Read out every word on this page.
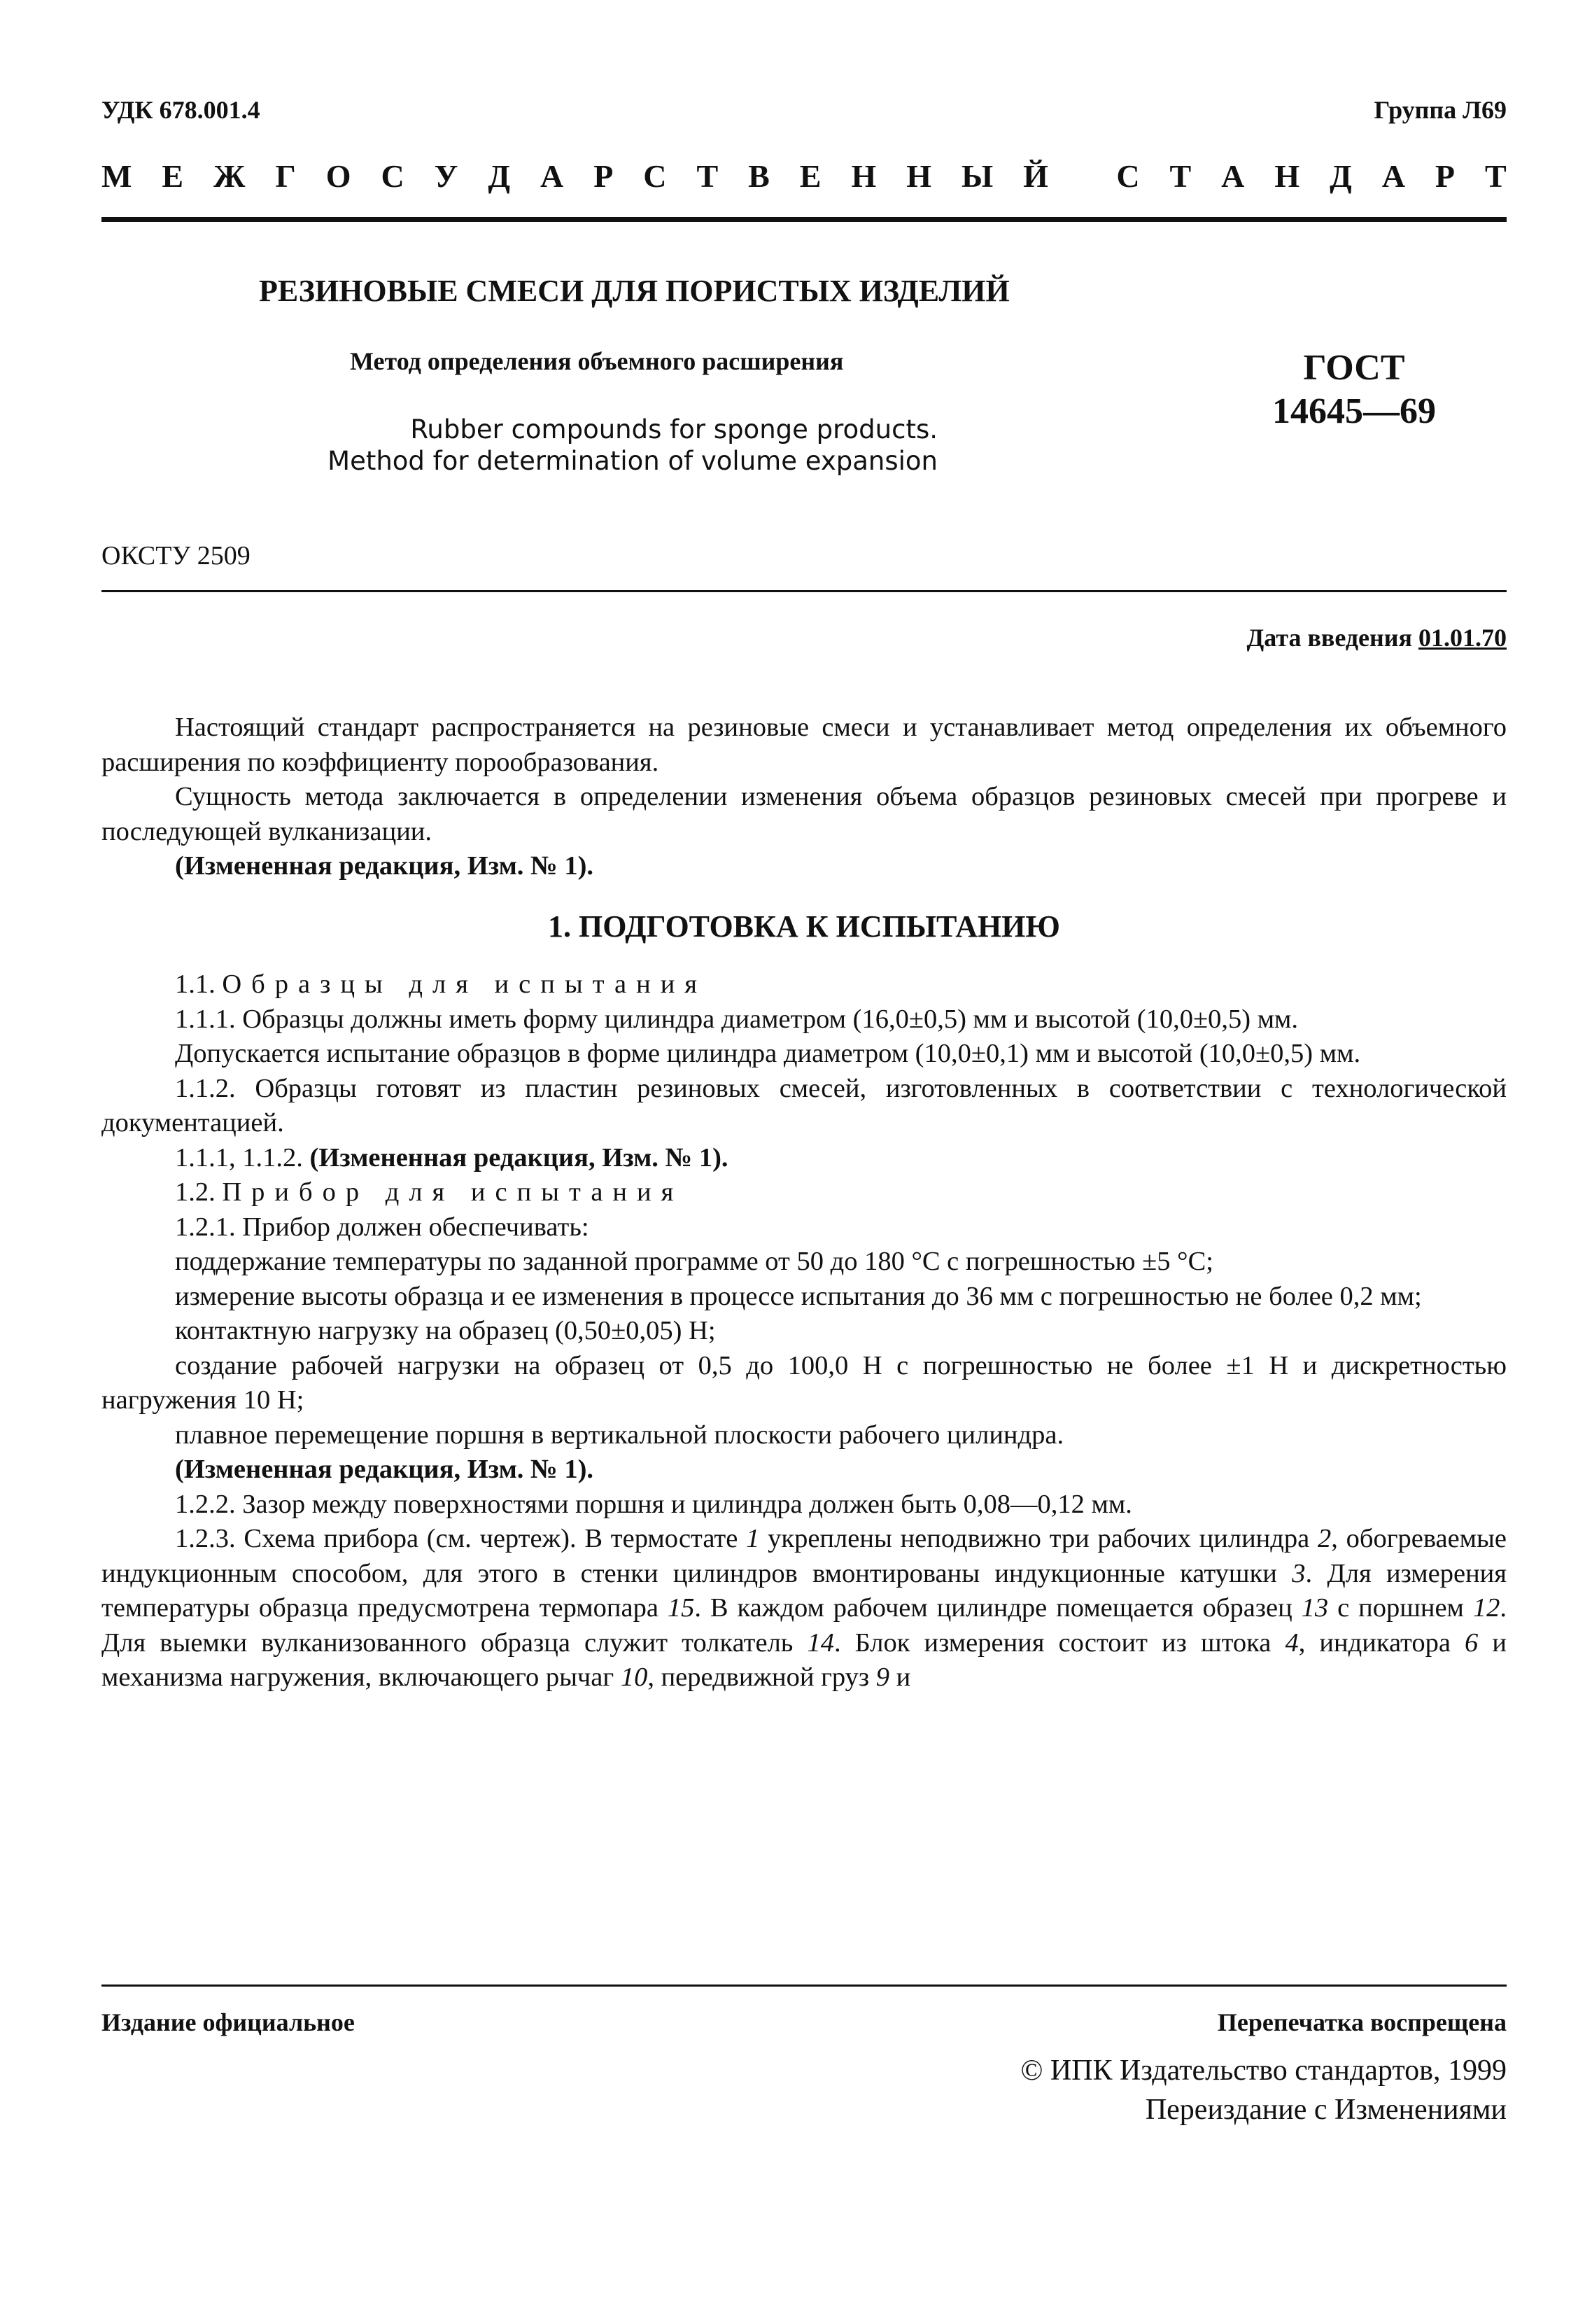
УДК 678.001.4	Группа Л69
М Е Ж Г О С У Д А Р С Т В Е Н Н Ы Й
С Т А Н Д А Р Т
РЕЗИНОВЫЕ СМЕСИ ДЛЯ ПОРИСТЫХ ИЗДЕЛИЙ
Метод определения объемного расширения
Rubber compounds for sponge products.
Method for determination of volume expansion
ГОСТ
14645—69
ОКСТУ 2509
Дата введения 01.01.70

Настоящий стандарт распространяется на резиновые смеси и устанавливает метод определения их объемного расширения по коэффициенту порообразования.

Сущность метода заключается в определении изменения объема образцов резиновых смесей при прогреве и последующей вулканизации.

(Измененная редакция, Изм. № 1).

1. ПОДГОТОВКА К ИСПЫТАНИЮ

1.1. Образцы для испытания

1.1.1. Образцы должны иметь форму цилиндра диаметром (16,0±0,5) мм и высотой (10,0±0,5) мм.

Допускается испытание образцов в форме цилиндра диаметром (10,0±0,1) мм и высотой (10,0±0,5) мм.

1.1.2. Образцы готовят из пластин резиновых смесей, изготовленных в соответствии с технологической документацией.

1.1.1, 1.1.2. (Измененная редакция, Изм. № 1).

1.2. Прибор для испытания

1.2.1. Прибор должен обеспечивать:

поддержание температуры по заданной программе от 50 до 180 °С с погрешностью ±5 °С;

измерение высоты образца и ее изменения в процессе испытания до 36 мм с погрешностью не более 0,2 мм;

контактную нагрузку на образец (0,50±0,05) Н;

создание рабочей нагрузки на образец от 0,5 до 100,0 Н с погрешностью не более ±1 Н и дискретностью нагружения 10 Н;

плавное перемещение поршня в вертикальной плоскости рабочего цилиндра.

(Измененная редакция, Изм. № 1).

1.2.2. Зазор между поверхностями поршня и цилиндра должен быть 0,08—0,12 мм.

1.2.3. Схема прибора (см. чертеж). В термостате 1 укреплены неподвижно три рабочих цилиндра 2, обогреваемые индукционным способом, для этого в стенки цилиндров вмонтированы индукционные катушки 3. Для измерения температуры образца предусмотрена термопара 15. В каждом рабочем цилиндре помещается образец 13 с поршнем 12. Для выемки вулканизованного образца служит толкатель 14. Блок измерения состоит из штока 4, индикатора 6 и механизма нагружения, включающего рычаг 10, передвижной груз 9 и

Издание официальное	Перепечатка воспрещена
© ИПК Издательство стандартов, 1999
Переиздание с Изменениями
